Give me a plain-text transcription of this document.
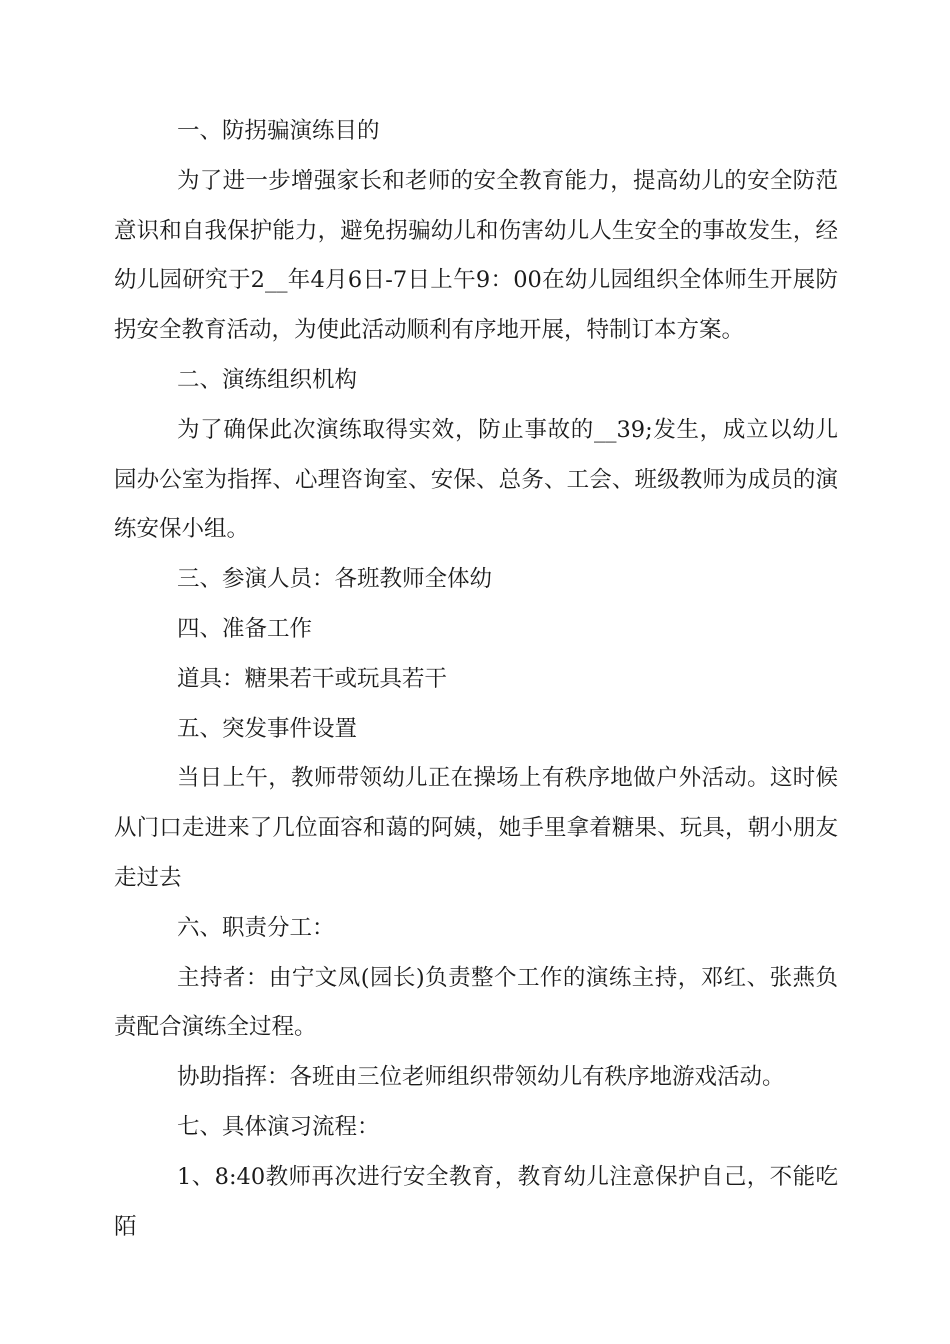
一、防拐骗演练目的

为了进一步增强家长和老师的安全教育能力，提高幼儿的安全防范意识和自我保护能力，避免拐骗幼儿和伤害幼儿人生安全的事故发生，经幼儿园研究于2__年4月6日-7日上午9：00在幼儿园组织全体师生开展防拐安全教育活动，为使此活动顺利有序地开展，特制订本方案。

二、演练组织机构

为了确保此次演练取得实效，防止事故的__39;发生，成立以幼儿园办公室为指挥、心理咨询室、安保、总务、工会、班级教师为成员的演练安保小组。

三、参演人员：各班教师全体幼

四、准备工作

道具：糖果若干或玩具若干

五、突发事件设置

当日上午，教师带领幼儿正在操场上有秩序地做户外活动。这时候从门口走进来了几位面容和蔼的阿姨，她手里拿着糖果、玩具，朝小朋友走过去

六、职责分工：

主持者：由宁文凤(园长)负责整个工作的演练主持，邓红、张燕负责配合演练全过程。

协助指挥：各班由三位老师组织带领幼儿有秩序地游戏活动。

七、具体演习流程：

1、8:40教师再次进行安全教育，教育幼儿注意保护自己，不能吃陌
